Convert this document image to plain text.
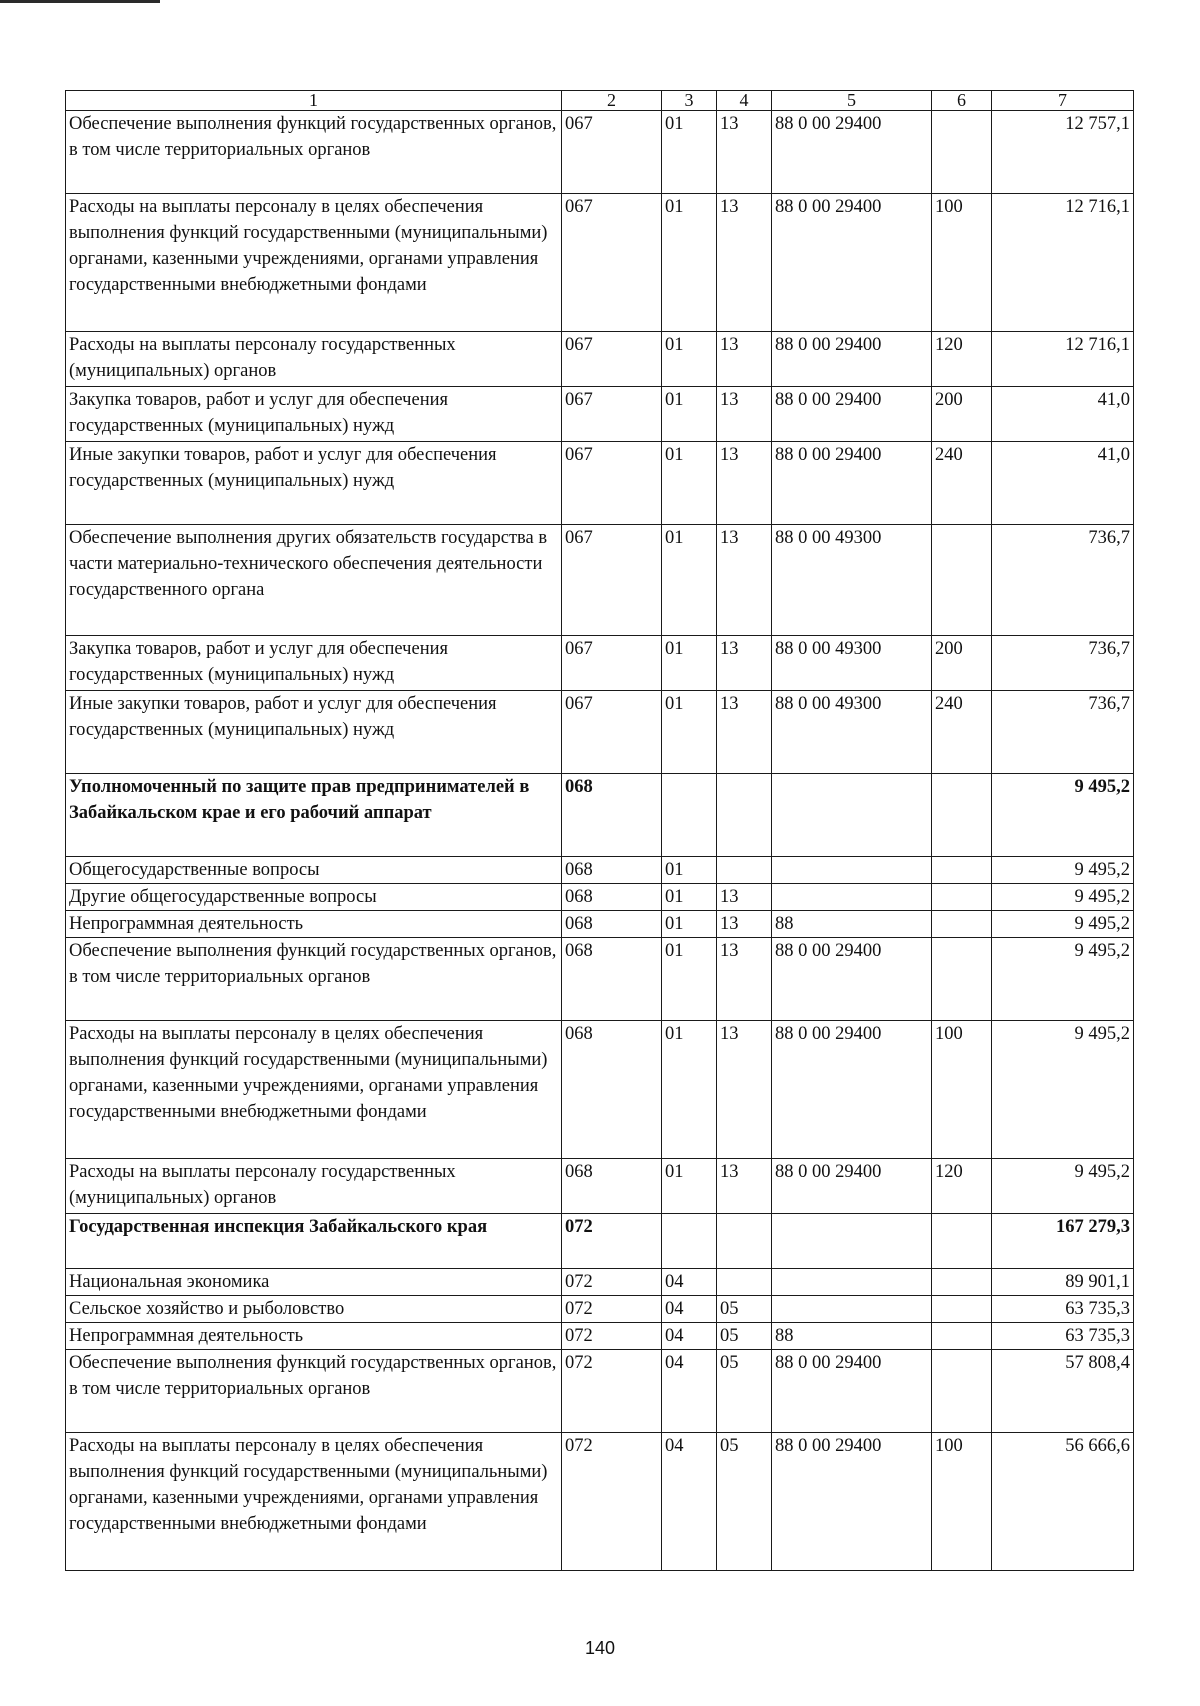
1	2	3	4	5	6	7
Обеспечение выполнения функций государственных органов, в том числе территориальных органов	067	01	13	88 0 00 29400		12 757,1
Расходы на выплаты персоналу в целях обеспечения выполнения функций государственными (муниципальными) органами, казенными учреждениями, органами управления государственными внебюджетными фондами	067	01	13	88 0 00 29400	100	12 716,1
Расходы на выплаты персоналу государственных (муниципальных) органов	067	01	13	88 0 00 29400	120	12 716,1
Закупка товаров, работ и услуг для обеспечения государственных (муниципальных) нужд	067	01	13	88 0 00 29400	200	41,0
Иные закупки товаров, работ и услуг для обеспечения государственных (муниципальных) нужд	067	01	13	88 0 00 29400	240	41,0
Обеспечение выполнения других обязательств государства в части материально-технического обеспечения деятельности государственного органа	067	01	13	88 0 00 49300		736,7
Закупка товаров, работ и услуг для обеспечения государственных (муниципальных) нужд	067	01	13	88 0 00 49300	200	736,7
Иные закупки товаров, работ и услуг для обеспечения государственных (муниципальных) нужд	067	01	13	88 0 00 49300	240	736,7
Уполномоченный по защите прав предпринимателей в Забайкальском крае и его рабочий аппарат	068					9 495,2
Общегосударственные вопросы	068	01				9 495,2
Другие общегосударственные вопросы	068	01	13			9 495,2
Непрограммная деятельность	068	01	13	88		9 495,2
Обеспечение выполнения функций государственных органов, в том числе территориальных органов	068	01	13	88 0 00 29400		9 495,2
Расходы на выплаты персоналу в целях обеспечения выполнения функций государственными (муниципальными) органами, казенными учреждениями, органами управления государственными внебюджетными фондами	068	01	13	88 0 00 29400	100	9 495,2
Расходы на выплаты персоналу государственных (муниципальных) органов	068	01	13	88 0 00 29400	120	9 495,2
Государственная инспекция Забайкальского края	072					167 279,3
Национальная экономика	072	04				89 901,1
Сельское хозяйство и рыболовство	072	04	05			63 735,3
Непрограммная деятельность	072	04	05	88		63 735,3
Обеспечение выполнения функций государственных органов, в том числе территориальных органов	072	04	05	88 0 00 29400		57 808,4
Расходы на выплаты персоналу в целях обеспечения выполнения функций государственными (муниципальными) органами, казенными учреждениями, органами управления государственными внебюджетными фондами	072	04	05	88 0 00 29400	100	56 666,6
140
